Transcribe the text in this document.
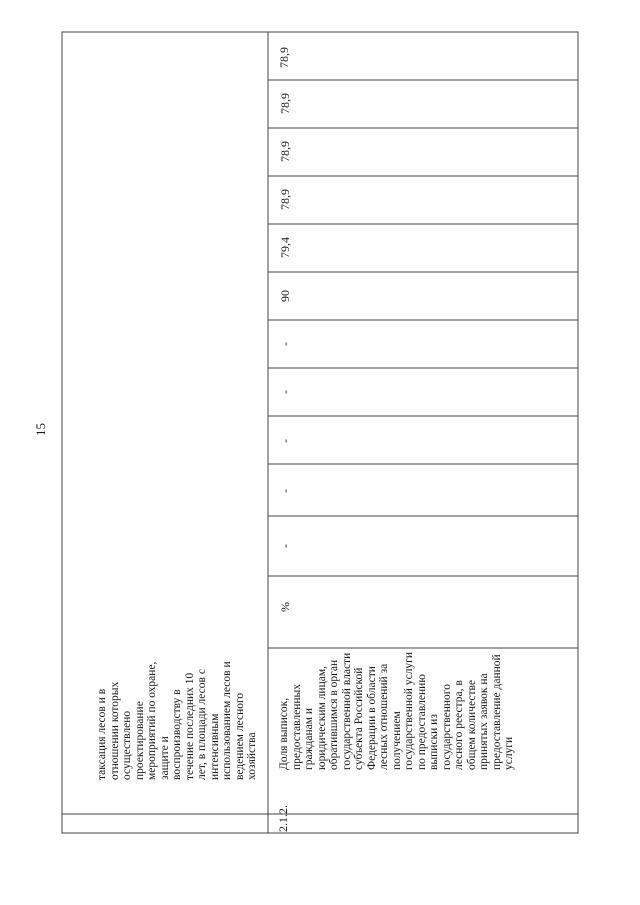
15
таксация лесов и в отношении которых осуществлено проектирование мероприятий по охране, защите и воспроизводству в течение последних 10 лет, в площади лесов с интенсивным использованием лесов и ведением лесного хозяйства
78,9
2.1.2.
Доля выписок, предоставленных гражданам и юридическим лицам, обратившимся в орган государственной власти субъекта Российской Федерации в области лесных отношений за получением государственной услуги по предоставлению выписки из государственного лесного реестра, в общем количестве принятых заявок на предоставление данной услуги
%
-
-
-
-
-
90
79,4
78,9
78,9
78,9
